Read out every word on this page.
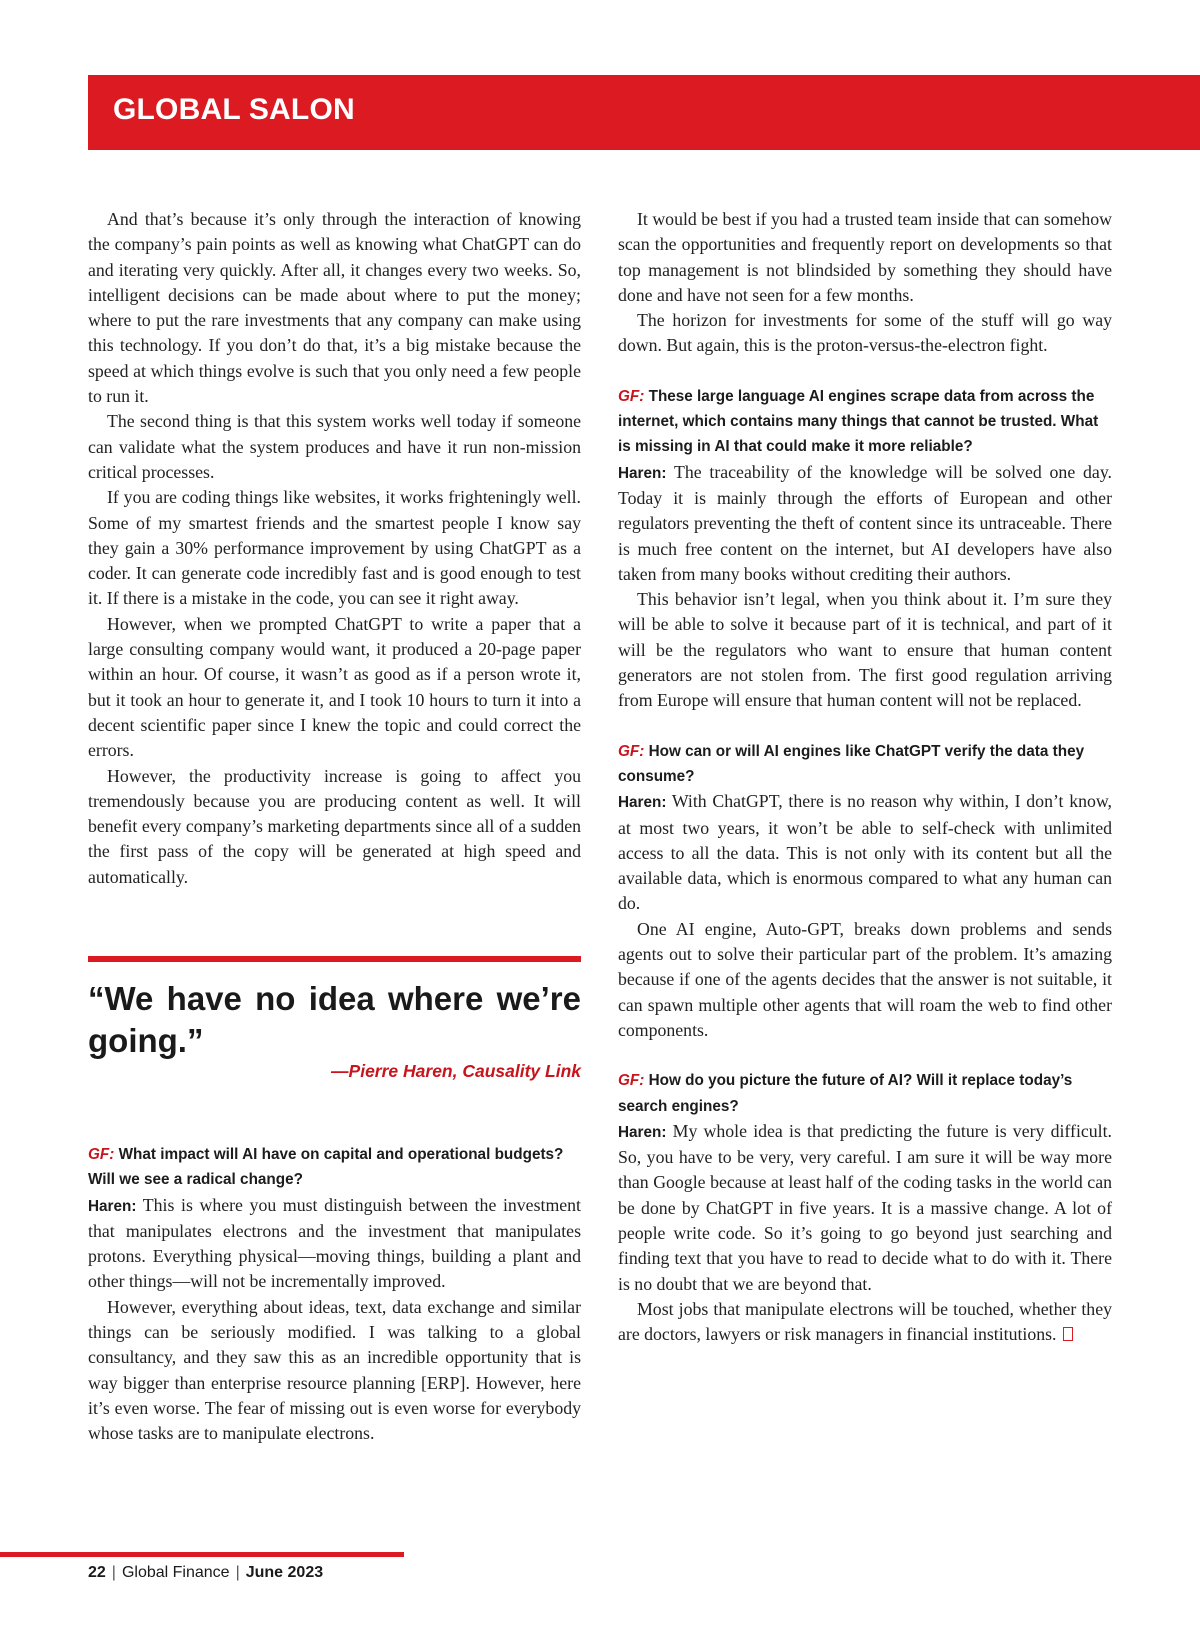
GLOBAL SALON

And that’s because it’s only through the interaction of knowing the company’s pain points as well as knowing what ChatGPT can do and iterating very quickly. After all, it changes every two weeks. So, intelligent decisions can be made about where to put the money; where to put the rare investments that any company can make using this technology. If you don’t do that, it’s a big mistake because the speed at which things evolve is such that you only need a few people to run it.

The second thing is that this system works well today if someone can validate what the system produces and have it run non-mission critical processes.

If you are coding things like websites, it works frighteningly well. Some of my smartest friends and the smartest people I know say they gain a 30% performance improvement by using ChatGPT as a coder. It can generate code incredibly fast and is good enough to test it. If there is a mistake in the code, you can see it right away.

However, when we prompted ChatGPT to write a paper that a large consulting company would want, it produced a 20-page paper within an hour. Of course, it wasn’t as good as if a person wrote it, but it took an hour to generate it, and I took 10 hours to turn it into a decent scientific paper since I knew the topic and could correct the errors.

However, the productivity increase is going to affect you tremendously because you are producing content as well. It will benefit every company’s marketing departments since all of a sudden the first pass of the copy will be generated at high speed and automatically.

“We have no idea where we’re going.”

—Pierre Haren, Causality Link
GF: What impact will AI have on capital and operational budgets? Will we see a radical change?

Haren: This is where you must distinguish between the investment that manipulates electrons and the investment that manipulates protons. Everything physical—moving things, building a plant and other things—will not be incrementally improved.

However, everything about ideas, text, data exchange and similar things can be seriously modified. I was talking to a global consultancy, and they saw this as an incredible opportunity that is way bigger than enterprise resource planning [ERP]. However, here it’s even worse. The fear of missing out is even worse for everybody whose tasks are to manipulate electrons.

It would be best if you had a trusted team inside that can somehow scan the opportunities and frequently report on developments so that top management is not blindsided by something they should have done and have not seen for a few months.

The horizon for investments for some of the stuff will go way down. But again, this is the proton-versus-the-electron fight.

GF: These large language AI engines scrape data from across the internet, which contains many things that cannot be trusted. What is missing in AI that could make it more reliable?

Haren: The traceability of the knowledge will be solved one day. Today it is mainly through the efforts of European and other regulators preventing the theft of content since its untraceable. There is much free content on the internet, but AI developers have also taken from many books without crediting their authors.

This behavior isn’t legal, when you think about it. I’m sure they will be able to solve it because part of it is technical, and part of it will be the regulators who want to ensure that human content generators are not stolen from. The first good regulation arriving from Europe will ensure that human content will not be replaced.

GF: How can or will AI engines like ChatGPT verify the data they consume?

Haren: With ChatGPT, there is no reason why within, I don’t know, at most two years, it won’t be able to self-check with unlimited access to all the data. This is not only with its content but all the available data, which is enormous compared to what any human can do.

One AI engine, Auto-GPT, breaks down problems and sends agents out to solve their particular part of the problem. It’s amazing because if one of the agents decides that the answer is not suitable, it can spawn multiple other agents that will roam the web to find other components.

GF: How do you picture the future of AI? Will it replace today’s search engines?

Haren: My whole idea is that predicting the future is very difficult. So, you have to be very, very careful. I am sure it will be way more than Google because at least half of the coding tasks in the world can be done by ChatGPT in five years. It is a massive change. A lot of people write code. So it’s going to go beyond just searching and finding text that you have to read to decide what to do with it. There is no doubt that we are beyond that.

Most jobs that manipulate electrons will be touched, whether they are doctors, lawyers or risk managers in financial institutions.

22 | Global Finance | June 2023
